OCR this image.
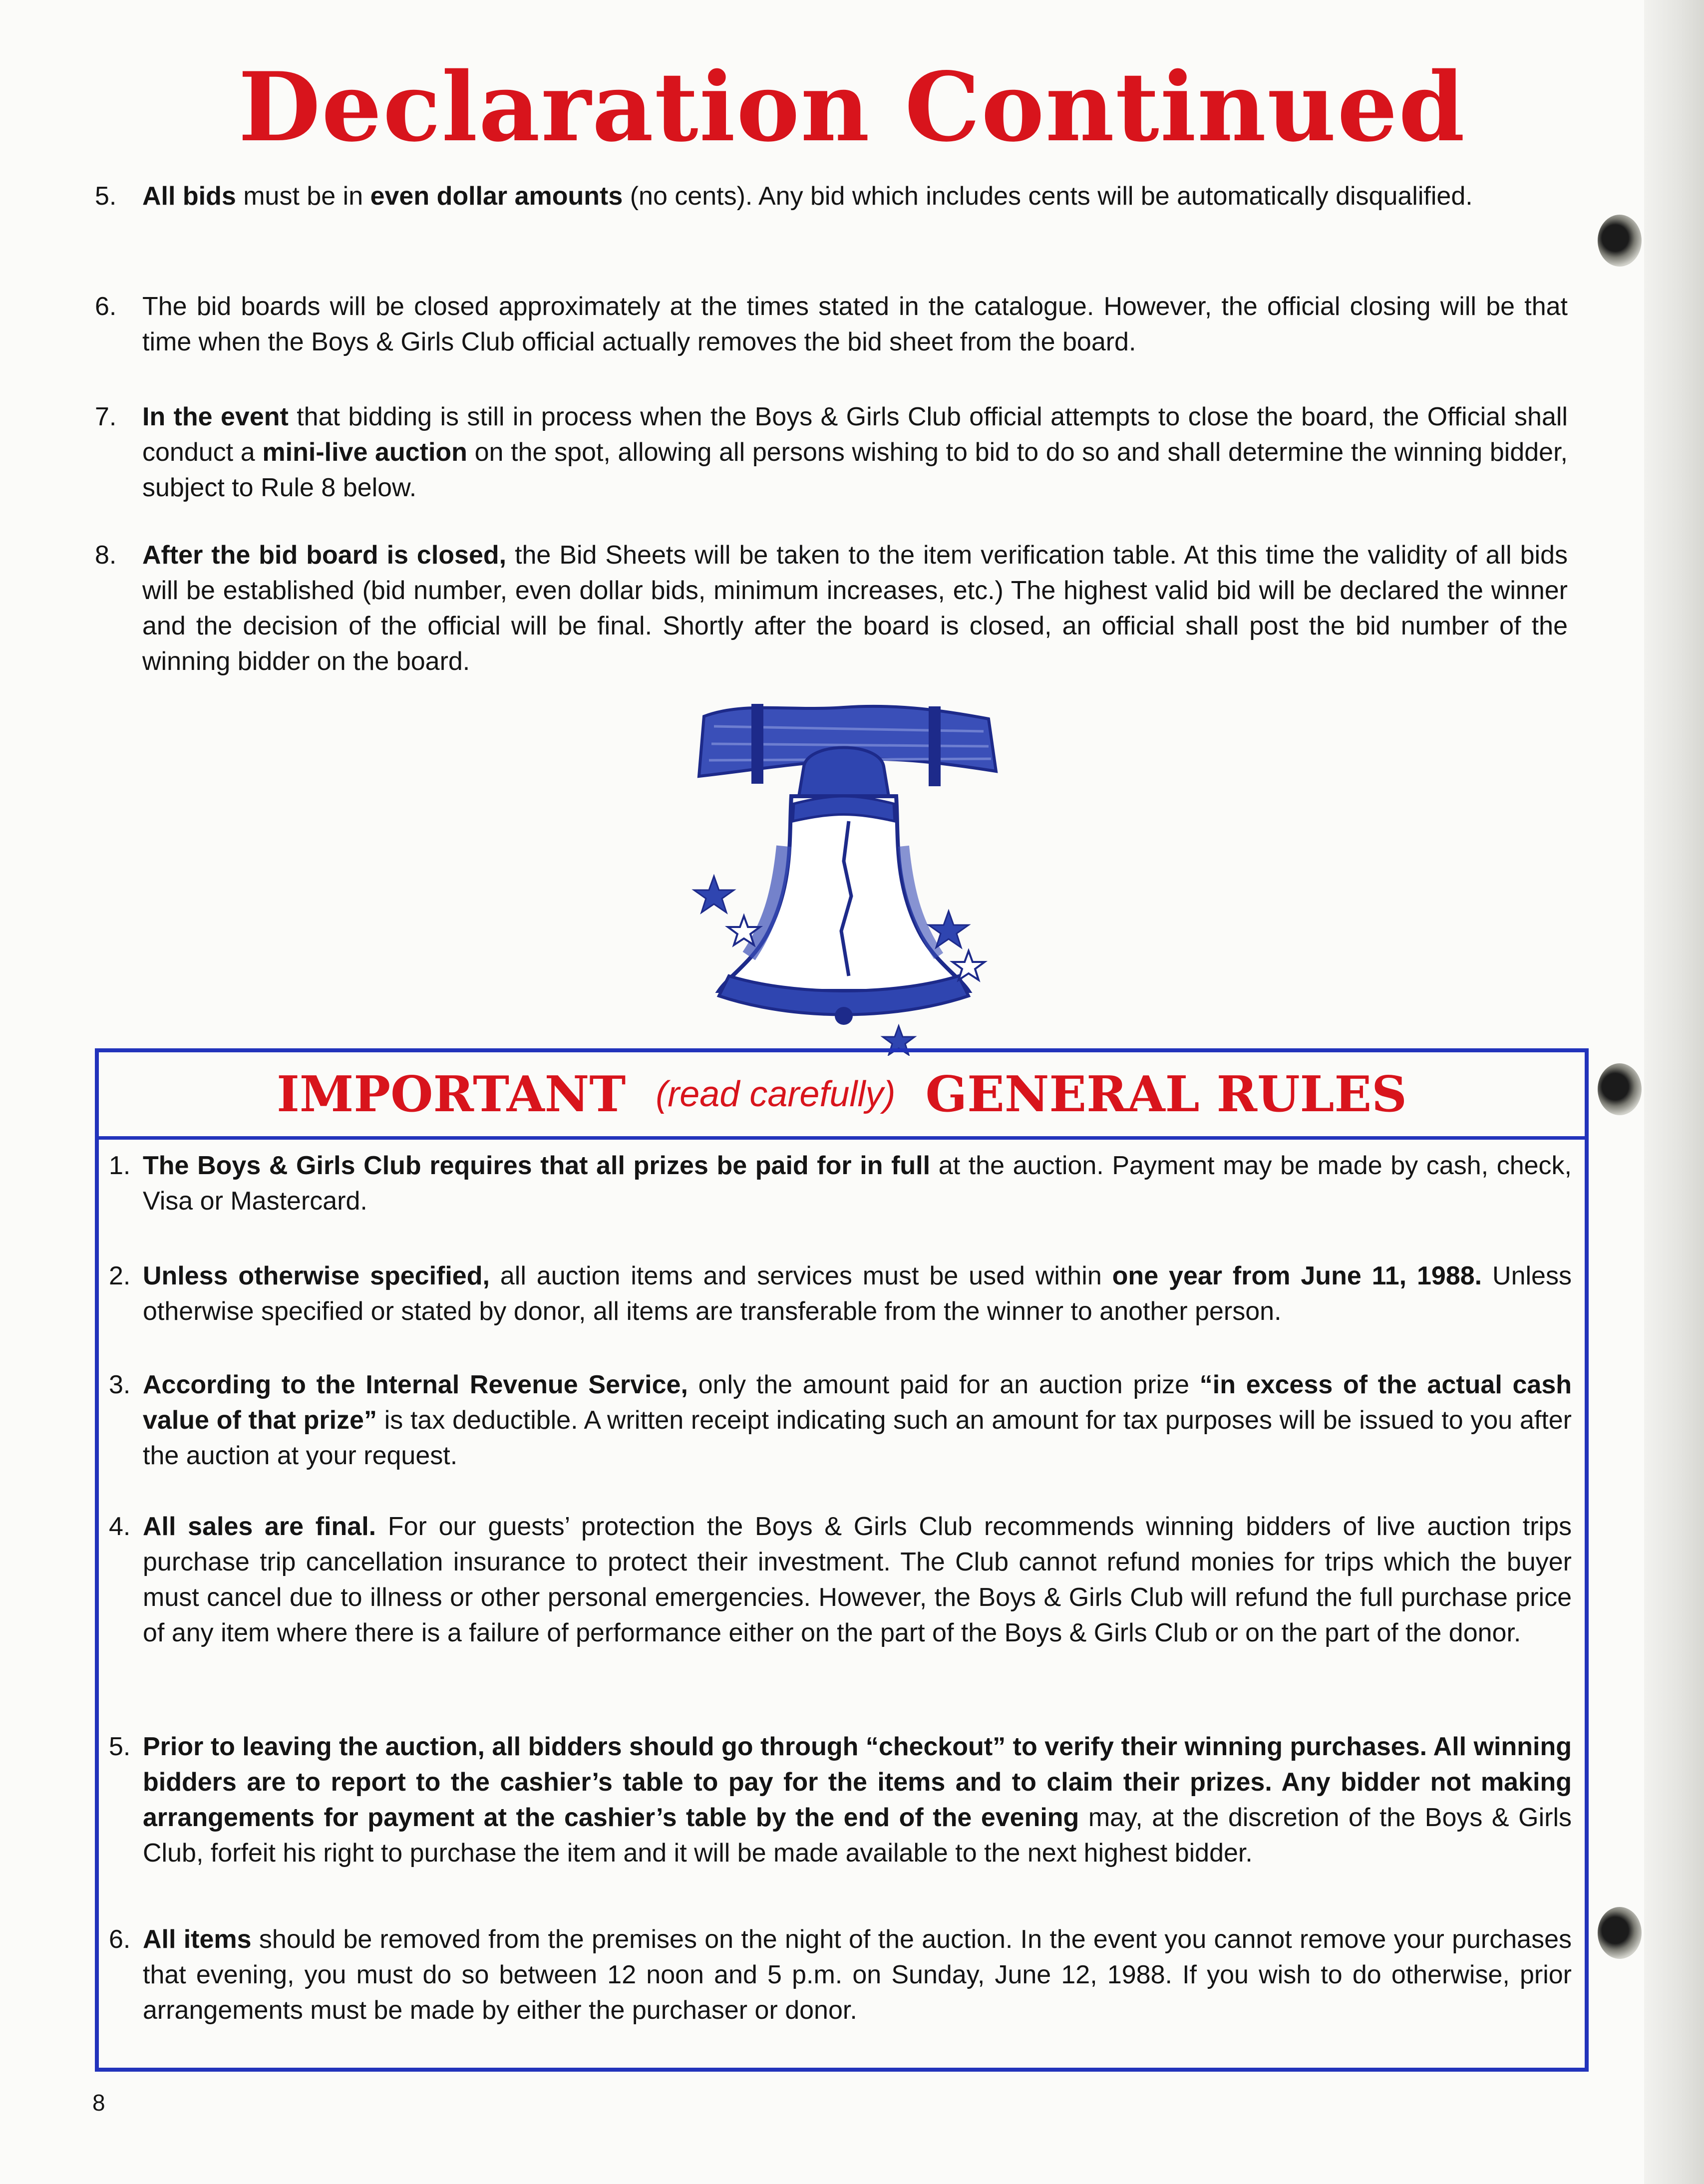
Declaration Continued
5. All bids must be in even dollar amounts (no cents). Any bid which includes cents will be automatically disqualified.
6. The bid boards will be closed approximately at the times stated in the catalogue. However, the official closing will be that time when the Boys & Girls Club official actually removes the bid sheet from the board.
7. In the event that bidding is still in process when the Boys & Girls Club official attempts to close the board, the Official shall conduct a mini-live auction on the spot, allowing all persons wishing to bid to do so and shall determine the winning bidder, subject to Rule 8 below.
8. After the bid board is closed, the Bid Sheets will be taken to the item verification table. At this time the validity of all bids will be established (bid number, even dollar bids, minimum increases, etc.) The highest valid bid will be declared the winner and the decision of the official will be final. Shortly after the board is closed, an official shall post the bid number of the winning bidder on the board.
IMPORTANT (read carefully) GENERAL RULES
1. The Boys & Girls Club requires that all prizes be paid for in full at the auction. Payment may be made by cash, check, Visa or Mastercard.
2. Unless otherwise specified, all auction items and services must be used within one year from June 11, 1988. Unless otherwise specified or stated by donor, all items are transferable from the winner to another person.
3. According to the Internal Revenue Service, only the amount paid for an auction prize “in excess of the actual cash value of that prize” is tax deductible. A written receipt indicating such an amount for tax purposes will be issued to you after the auction at your request.
4. All sales are final. For our guests’ protection the Boys & Girls Club recommends winning bidders of live auction trips purchase trip cancellation insurance to protect their investment. The Club cannot refund monies for trips which the buyer must cancel due to illness or other personal emergencies. However, the Boys & Girls Club will refund the full purchase price of any item where there is a failure of performance either on the part of the Boys & Girls Club or on the part of the donor.
5. Prior to leaving the auction, all bidders should go through “checkout” to verify their winning purchases. All winning bidders are to report to the cashier’s table to pay for the items and to claim their prizes. Any bidder not making arrangements for payment at the cashier’s table by the end of the evening may, at the discretion of the Boys & Girls Club, forfeit his right to purchase the item and it will be made available to the next highest bidder.
6. All items should be removed from the premises on the night of the auction. In the event you cannot remove your purchases that evening, you must do so between 12 noon and 5 p.m. on Sunday, June 12, 1988. If you wish to do otherwise, prior arrangements must be made by either the purchaser or donor.
8
